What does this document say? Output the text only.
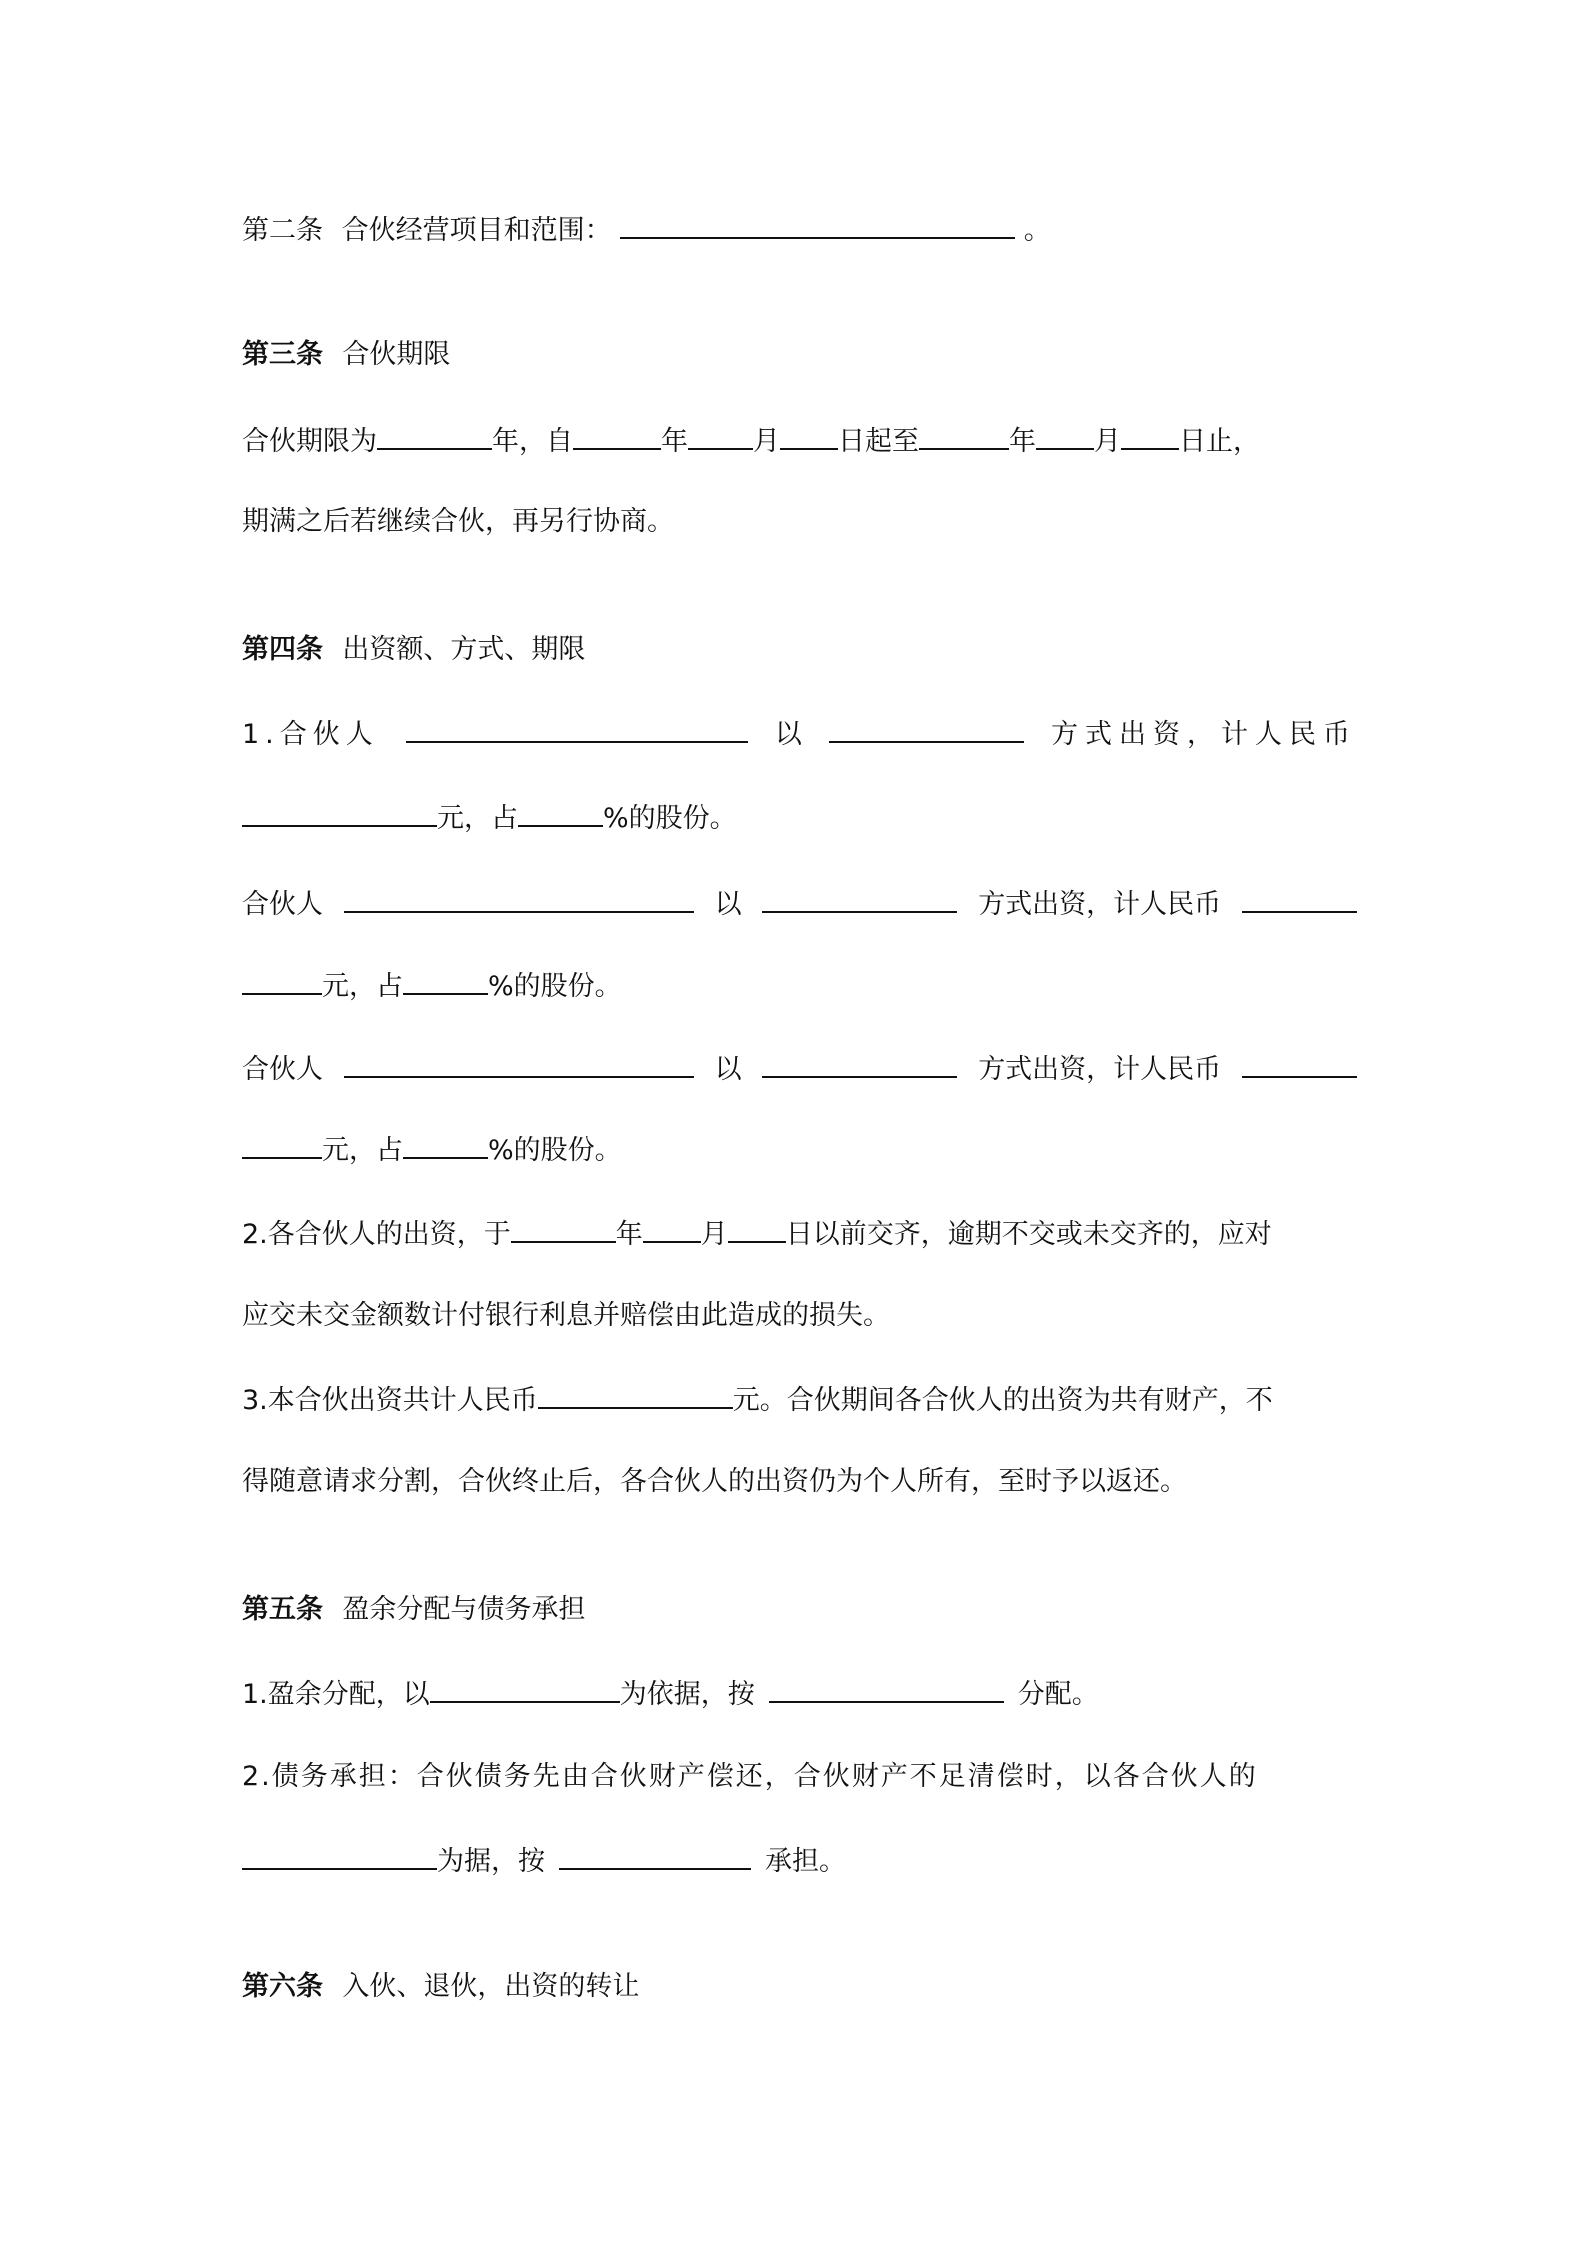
第二条 合伙经营项目和范围：	。
第三条 合伙期限
合伙期限为	年，自	年 月 日起至	年 月 日止，
期满之后若继续合伙，再另行协商。
第四条 出资额、方式、期限
1.合伙人	以	方式出资，计人民币
元，占	%的股份。
合伙人	以	方式出资，计人民币
元，占	%的股份。
合伙人	以	方式出资，计人民币
元，占	%的股份。
2.各合伙人的出资，于	年 月 日以前交齐，逾期不交或未交齐的，应对
应交未交金额数计付银行利息并赔偿由此造成的损失。
3.本合伙出资共计人民币	元。合伙期间各合伙人的出资为共有财产，不
得随意请求分割，合伙终止后，各合伙人的出资仍为个人所有，至时予以返还。
第五条 盈余分配与债务承担
1.盈余分配，以	为依据，按	分配。
2.债务承担：合伙债务先由合伙财产偿还，合伙财产不足清偿时，以各合伙人的
为据，按	承担。
第六条 入伙、退伙，出资的转让
